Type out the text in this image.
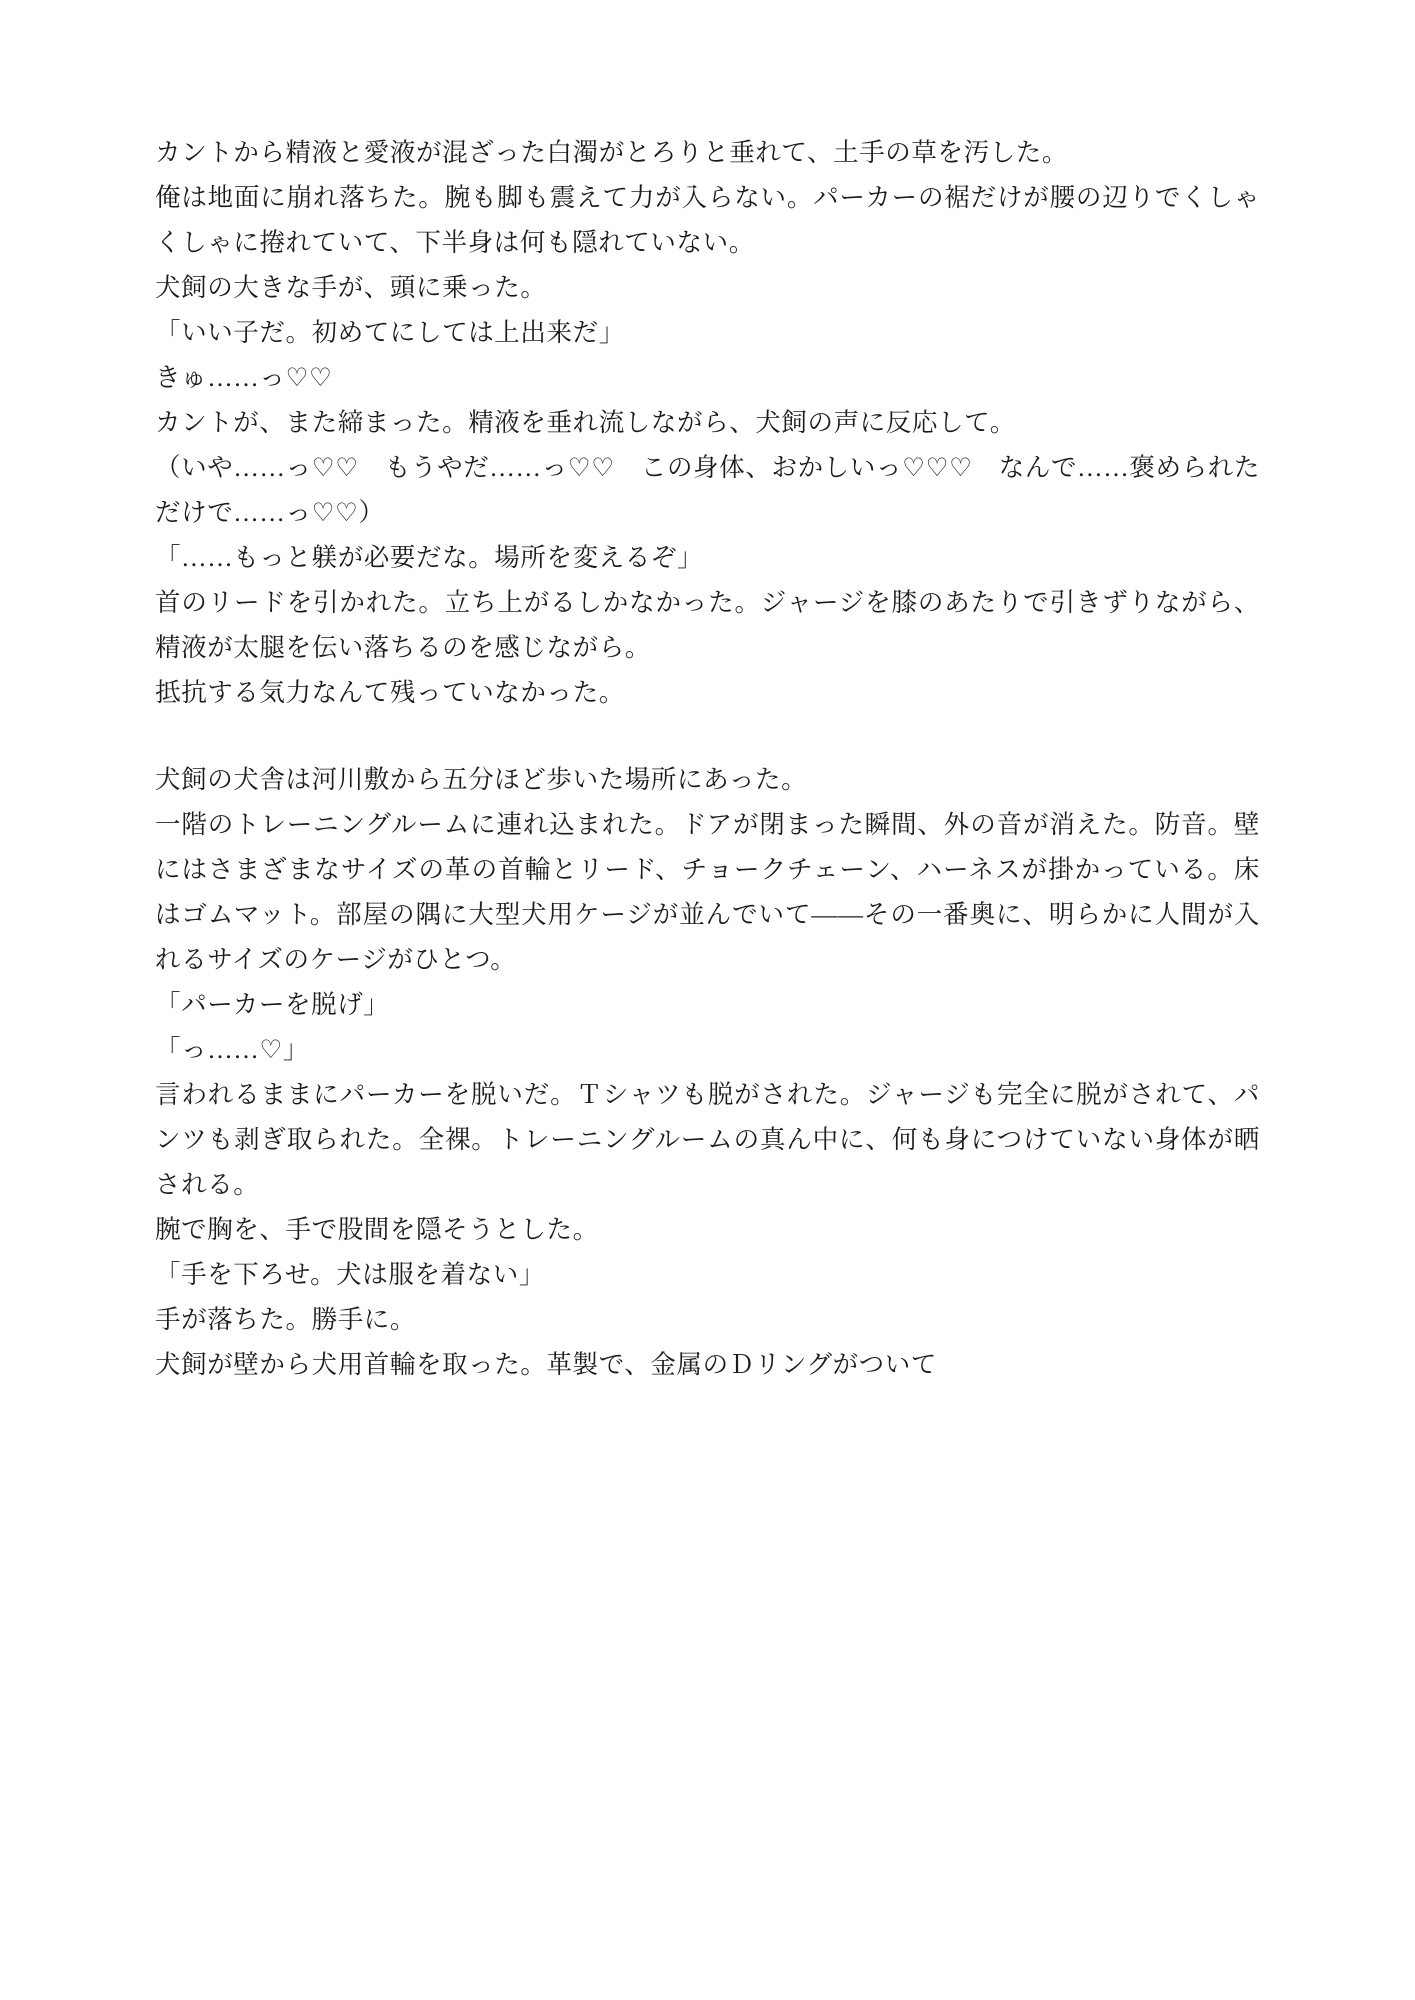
カントから精液と愛液が混ざった白濁がとろりと垂れて、土手の草を汚した。

俺は地面に崩れ落ちた。腕も脚も震えて力が入らない。パーカーの裾だけが腰の辺りでくしゃくしゃに捲れていて、下半身は何も隠れていない。

犬飼の大きな手が、頭に乗った。

「いい子だ。初めてにしては上出来だ」

きゅ……っ♡♡

カントが、また締まった。精液を垂れ流しながら、犬飼の声に反応して。

（いや……っ♡♡　もうやだ……っ♡♡　この身体、おかしいっ♡♡♡　なんで……褒められただけで……っ♡♡）

「……もっと躾が必要だな。場所を変えるぞ」

首のリードを引かれた。立ち上がるしかなかった。ジャージを膝のあたりで引きずりながら、精液が太腿を伝い落ちるのを感じながら。

抵抗する気力なんて残っていなかった。

犬飼の犬舎は河川敷から五分ほど歩いた場所にあった。

一階のトレーニングルームに連れ込まれた。ドアが閉まった瞬間、外の音が消えた。防音。壁にはさまざまなサイズの革の首輪とリード、チョークチェーン、ハーネスが掛かっている。床はゴムマット。部屋の隅に大型犬用ケージが並んでいて——その一番奥に、明らかに人間が入れるサイズのケージがひとつ。

「パーカーを脱げ」

「っ……♡」

言われるままにパーカーを脱いだ。Ｔシャツも脱がされた。ジャージも完全に脱がされて、パンツも剥ぎ取られた。全裸。トレーニングルームの真ん中に、何も身につけていない身体が晒される。

腕で胸を、手で股間を隠そうとした。

「手を下ろせ。犬は服を着ない」

手が落ちた。勝手に。

犬飼が壁から犬用首輪を取った。革製で、金属のＤリングがついて
